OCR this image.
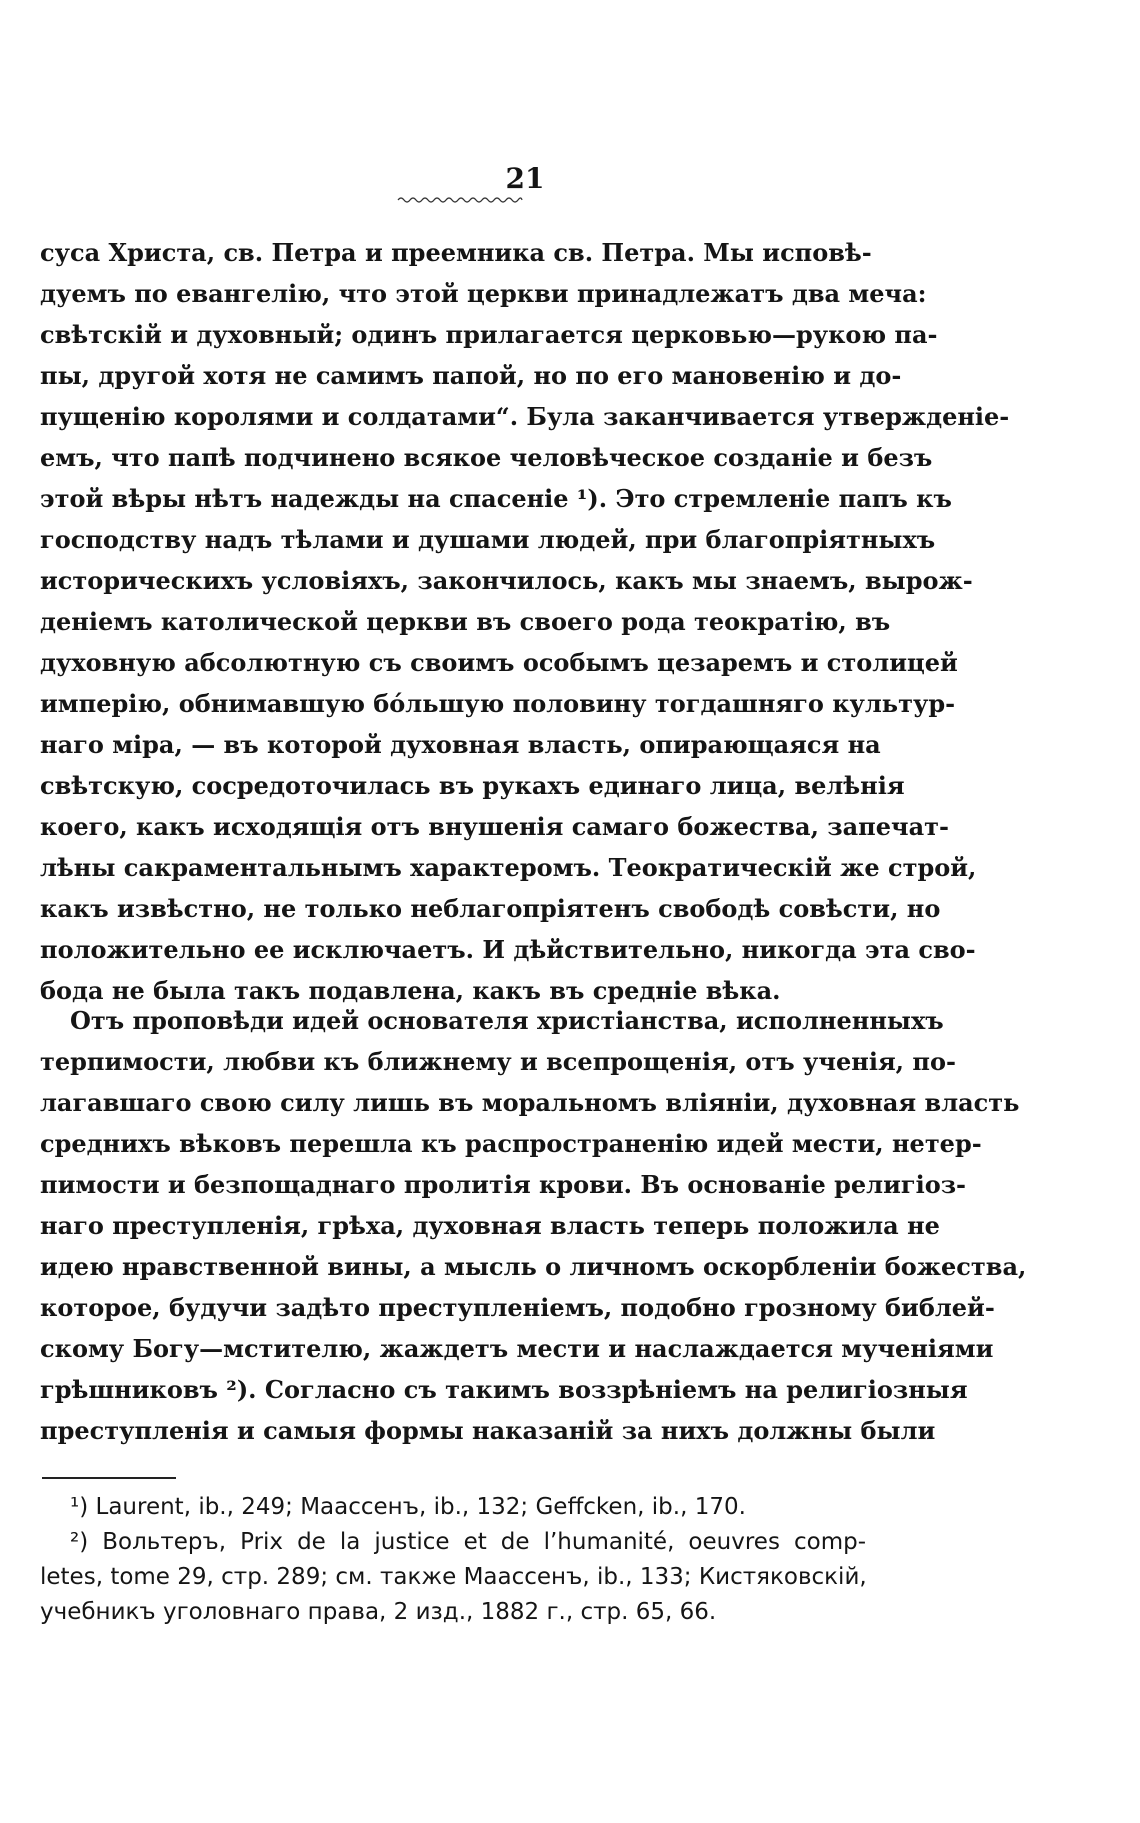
21
суса Христа, св. Петра и преемника св. Петра. Мы исповѣ-
дуемъ по евангелію, что этой церкви принадлежатъ два меча:
свѣтскій и духовный; одинъ прилагается церковью—рукою па-
пы, другой хотя не самимъ папой, но по его мановенію и до-
пущенію королями и солдатами“. Була заканчивается утвержденіе-
емъ, что папѣ подчинено всякое человѣческое созданіе и безъ
этой вѣры нѣтъ надежды на спасеніе ¹). Это стремленіе папъ къ
господству надъ тѣлами и душами людей, при благопріятныхъ
историческихъ условіяхъ, закончилось, какъ мы знаемъ, вырож-
деніемъ католической церкви въ своего рода теократію, въ
духовную абсолютную съ своимъ особымъ цезаремъ и столицей
имперію, обнимавшую бóльшую половину тогдашняго культур-
наго міра, — въ которой духовная власть, опирающаяся на
свѣтскую, сосредоточилась въ рукахъ единаго лица, велѣнія
коего, какъ исходящія отъ внушенія самаго божества, запечат-
лѣны сакраментальнымъ характеромъ. Теократическій же строй,
какъ извѣстно, не только неблагопріятенъ свободѣ совѣсти, но
положительно ее исключаетъ. И дѣйствительно, никогда эта сво-
бода не была такъ подавлена, какъ въ средніе вѣка.
Отъ проповѣди идей основателя христіанства, исполненныхъ
терпимости, любви къ ближнему и всепрощенія, отъ ученія, по-
лагавшаго свою силу лишь въ моральномъ вліяніи, духовная власть
среднихъ вѣковъ перешла къ распространенію идей мести, нетер-
пимости и безпощаднаго пролитія крови. Въ основаніе религіоз-
наго преступленія, грѣха, духовная власть теперь положила не
идею нравственной вины, а мысль о личномъ оскорбленіи божества,
которое, будучи задѣто преступленіемъ, подобно грозному библей-
скому Богу—мстителю, жаждетъ мести и наслаждается мученіями
грѣшниковъ ²). Согласно съ такимъ воззрѣніемъ на религіозныя
преступленія и самыя формы наказаній за нихъ должны были
¹) Laurent, ib., 249; Маассенъ, ib., 132; Geffcken, ib., 170.
²) Вольтеръ, Prix de la justice et de l’humanité, oeuvres comp-
letes, tome 29, стр. 289; см. также Маассенъ, ib., 133; Кистяковскій,
учебникъ уголовнаго права, 2 изд., 1882 г., стр. 65, 66.
